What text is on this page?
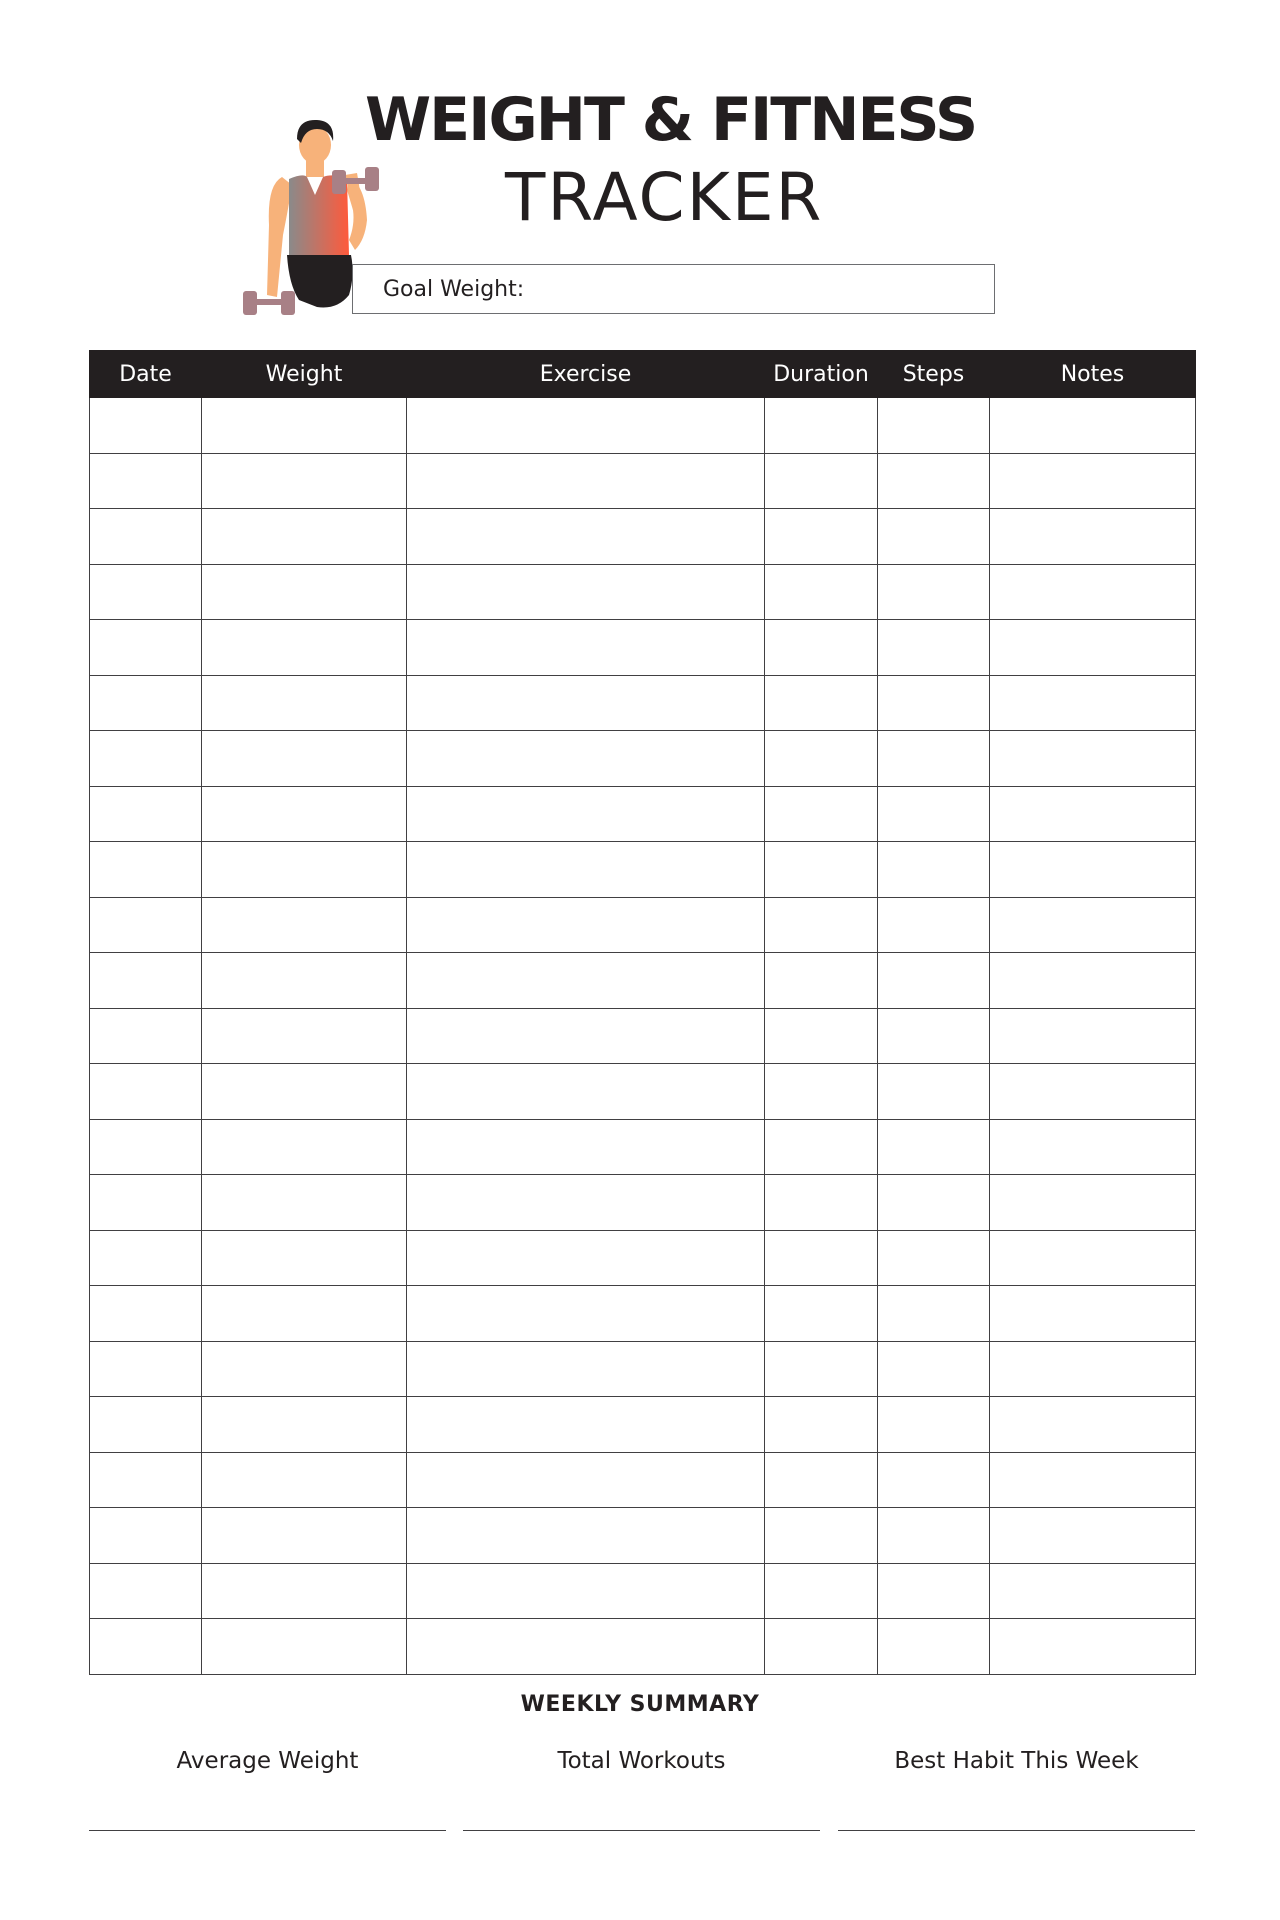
WEIGHT & FITNESS
TRACKER
Goal Weight:
Date	Weight	Exercise	Duration	Steps	Notes

WEEKLY SUMMARY
Average Weight	Total Workouts	Best Habit This Week
